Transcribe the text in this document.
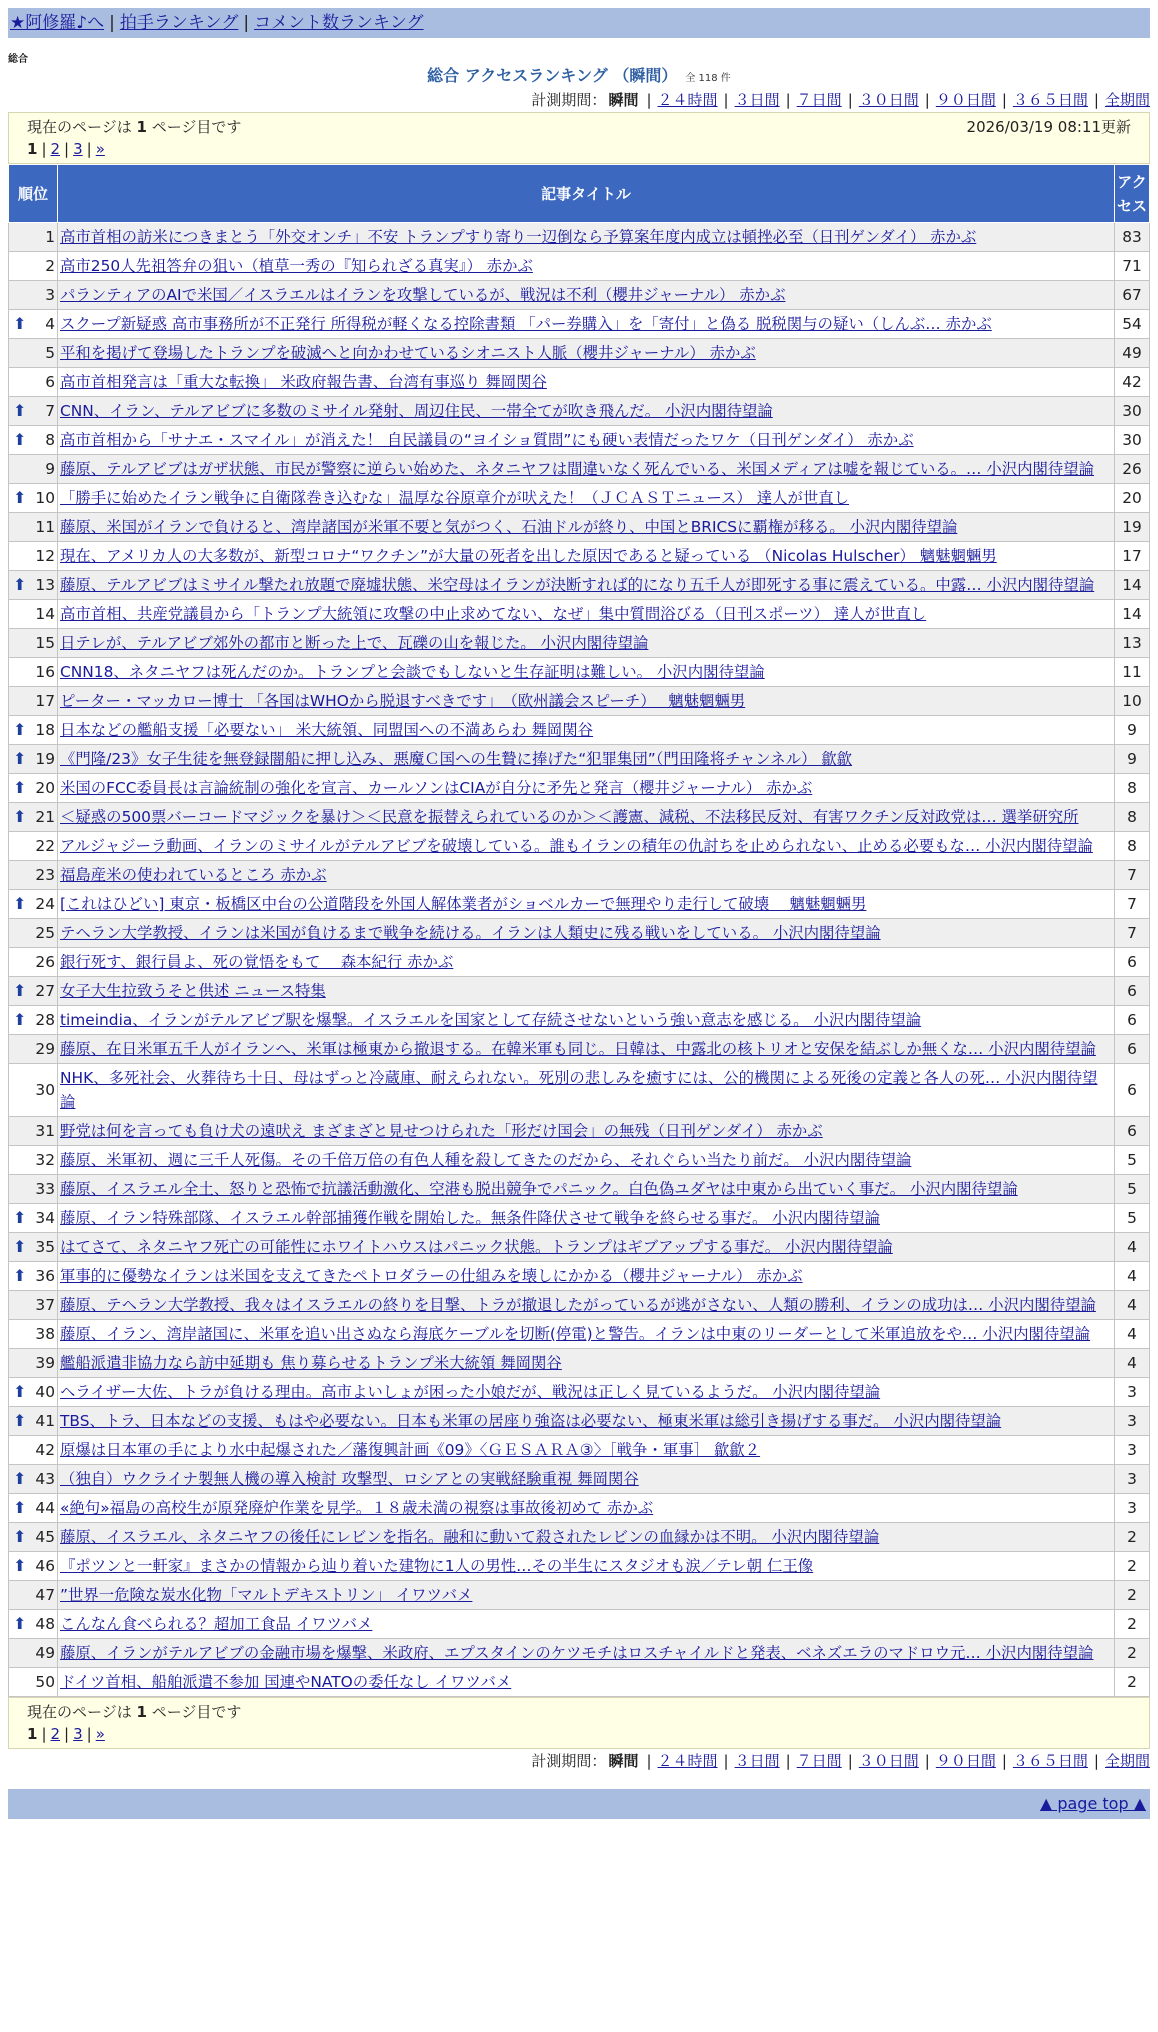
★阿修羅♪へ | 拍手ランキング | コメント数ランキング
総合
総合 アクセスランキング （瞬間） 全 118 件
計測期間： 瞬間 | ２４時間 | ３日間 | ７日間 | ３０日間 | ９０日間 | ３６５日間 | 全期間
現在のページは 1 ページ目です	2026/03/19 08:11更新
1 | 2 | 3 | »
順位	記事タイトル	アクセス
1	高市首相の訪米につきまとう「外交オンチ」不安 トランプすり寄り一辺倒なら予算案年度内成立は頓挫必至（日刊ゲンダイ） 赤かぶ	83
2	高市250人先祖答弁の狙い（植草一秀の『知られざる真実』） 赤かぶ	71
3	パランティアのAIで米国／イスラエルはイランを攻撃しているが、戦況は不利（櫻井ジャーナル） 赤かぶ	67

⬆ 4	スクープ新疑惑 高市事務所が不正発行 所得税が軽くなる控除書類 「パー券購入」を「寄付」と偽る 脱税関与の疑い（しんぶ… 赤かぶ	54
5	平和を掲げて登場したトランプを破滅へと向かわせているシオニスト人脈（櫻井ジャーナル） 赤かぶ	49
6	高市首相発言は「重大な転換」 米政府報告書、台湾有事巡り 舞岡関谷	42

⬆ 7	CNN、イラン、テルアビブに多数のミサイル発射、周辺住民、一帯全てが吹き飛んだ。 小沢内閣待望論	30

⬆ 8	高市首相から「サナエ・スマイル」が消えた！ 自民議員の“ヨイショ質問”にも硬い表情だったワケ（日刊ゲンダイ） 赤かぶ	30
9	藤原、テルアビブはガザ状態、市民が警察に逆らい始めた、ネタニヤフは間違いなく死んでいる、米国メディアは嘘を報じている。… 小沢内閣待望論	26

⬆ 10	「勝手に始めたイラン戦争に自衛隊巻き込むな」温厚な谷原章介が吠えた！（ＪＣＡＳＴニュース） 達人が世直し	20
11	藤原、米国がイランで負けると、湾岸諸国が米軍不要と気がつく、石油ドルが終り、中国とBRICSに覇権が移る。 小沢内閣待望論	19
12	現在、アメリカ人の大多数が、新型コロナ“ワクチン”が大量の死者を出した原因であると疑っている （Nicolas Hulscher） 魑魅魍魎男	17

⬆ 13	藤原、テルアビブはミサイル撃たれ放題で廃墟状態、米空母はイランが決断すれば的になり五千人が即死する事に震えている。中露… 小沢内閣待望論	14
14	高市首相、共産党議員から「トランプ大統領に攻撃の中止求めてない、なぜ」集中質問浴びる（日刊スポーツ） 達人が世直し	14
15	日テレが、テルアビブ郊外の都市と断った上で、瓦礫の山を報じた。 小沢内閣待望論	13
16	CNN18、ネタニヤフは死んだのか。トランプと会談でもしないと生存証明は難しい。 小沢内閣待望論	11
17	ピーター・マッカロー博士 「各国はWHOから脱退すべきです」　（欧州議会スピーチ）　 魑魅魍魎男	10

⬆ 18	日本などの艦船支援「必要ない」 米大統領、同盟国への不満あらわ 舞岡関谷	9

⬆ 19	《門隆/23》女子生徒を無登録闇船に押し込み、悪魔Ｃ国への生贄に捧げた“犯罪集団”（門田隆将チャンネル） 歙歙	9

⬆ 20	米国のFCC委員長は言論統制の強化を宣言、カールソンはCIAが自分に矛先と発言（櫻井ジャーナル） 赤かぶ	8

⬆ 21	＜疑惑の500票バーコードマジックを暴け＞＜民意を振替えられているのか＞＜護憲、減税、不法移民反対、有害ワクチン反対政党は… 選挙研究所	8
22	アルジャジーラ動画、イランのミサイルがテルアビブを破壊している。誰もイランの積年の仇討ちを止められない、止める必要もな… 小沢内閣待望論	8
23	福島産米の使われているところ 赤かぶ	7

⬆ 24	[これはひどい] 東京・板橋区中台の公道階段を外国人解体業者がショベルカーで無理やり走行して破壊　 魑魅魍魎男	7
25	テヘラン大学教授、イランは米国が負けるまで戦争を続ける。イランは人類史に残る戦いをしている。 小沢内閣待望論	7
26	銀行死す、銀行員よ、死の覚悟をもて　 森本紀行 赤かぶ	6

⬆ 27	女子大生拉致うそと供述 ニュース特集	6

⬆ 28	timeindia、イランがテルアビブ駅を爆撃。イスラエルを国家として存続させないという強い意志を感じる。 小沢内閣待望論	6
29	藤原、在日米軍五千人がイランへ、米軍は極東から撤退する。在韓米軍も同じ。日韓は、中露北の核トリオと安保を結ぶしか無くな… 小沢内閣待望論	6
30	NHK、多死社会、火葬待ち十日、母はずっと冷蔵庫、耐えられない。死別の悲しみを癒すには、公的機関による死後の定義と各人の死… 小沢内閣待望論	6
31	野党は何を言っても負け犬の遠吠え まざまざと見せつけられた「形だけ国会」の無残（日刊ゲンダイ） 赤かぶ	6
32	藤原、米軍初、週に三千人死傷。その千倍万倍の有色人種を殺してきたのだから、それぐらい当たり前だ。 小沢内閣待望論	5
33	藤原、イスラエル全土、怒りと恐怖で抗議活動激化、空港も脱出競争でパニック。白色偽ユダヤは中東から出ていく事だ。 小沢内閣待望論	5

⬆ 34	藤原、イラン特殊部隊、イスラエル幹部捕獲作戦を開始した。無条件降伏させて戦争を終らせる事だ。 小沢内閣待望論	5

⬆ 35	はてさて、ネタニヤフ死亡の可能性にホワイトハウスはパニック状態。トランプはギブアップする事だ。 小沢内閣待望論	4

⬆ 36	軍事的に優勢なイランは米国を支えてきたペトロダラーの仕組みを壊しにかかる（櫻井ジャーナル） 赤かぶ	4
37	藤原、テヘラン大学教授、我々はイスラエルの終りを目撃、トラが撤退したがっているが逃がさない、人類の勝利、イランの成功は… 小沢内閣待望論	4
38	藤原、イラン、湾岸諸国に、米軍を追い出さぬなら海底ケーブルを切断(停電)と警告。イランは中東のリーダーとして米軍追放をや… 小沢内閣待望論	4
39	艦船派遣非協力なら訪中延期も 焦り募らせるトランプ米大統領 舞岡関谷	4

⬆ 40	ヘライザー大佐、トラが負ける理由。高市よいしょが困った小娘だが、戦況は正しく見ているようだ。 小沢内閣待望論	3

⬆ 41	TBS、トラ、日本などの支援、もはや必要ない。日本も米軍の居座り強盗は必要ない、極東米軍は総引き揚げする事だ。 小沢内閣待望論	3
42	原爆は日本軍の手により水中起爆された／藩復興計画《09》〈ＧＥＳＡＲＡ③〉［戦争・軍事］ 歙歙２	3

⬆ 43	（独自）ウクライナ製無人機の導入検討 攻撃型、ロシアとの実戦経験重視 舞岡関谷	3

⬆ 44	«絶句»福島の高校生が原発廃炉作業を見学。１８歳未満の視察は事故後初めて 赤かぶ	3

⬆ 45	藤原、イスラエル、ネタニヤフの後任にレビンを指名。融和に動いて殺されたレビンの血縁かは不明。 小沢内閣待望論	2

⬆ 46	『ポツンと一軒家』まさかの情報から辿り着いた建物に1人の男性…その半生にスタジオも涙／テレ朝 仁王像	2
47	”世界一危険な炭水化物「マルトデキストリン」 イワツバメ	2

⬆ 48	こんなん食べられる？超加工食品 イワツバメ	2
49	藤原、イランがテルアビブの金融市場を爆撃、米政府、エプスタインのケツモチはロスチャイルドと発表、ベネズエラのマドロウ元… 小沢内閣待望論	2
50	ドイツ首相、船舶派遣不参加 国連やNATOの委任なし イワツバメ	2
現在のページは 1 ページ目です
1 | 2 | 3 | »
計測期間： 瞬間 | ２４時間 | ３日間 | ７日間 | ３０日間 | ９０日間 | ３６５日間 | 全期間
▲ page top ▲
